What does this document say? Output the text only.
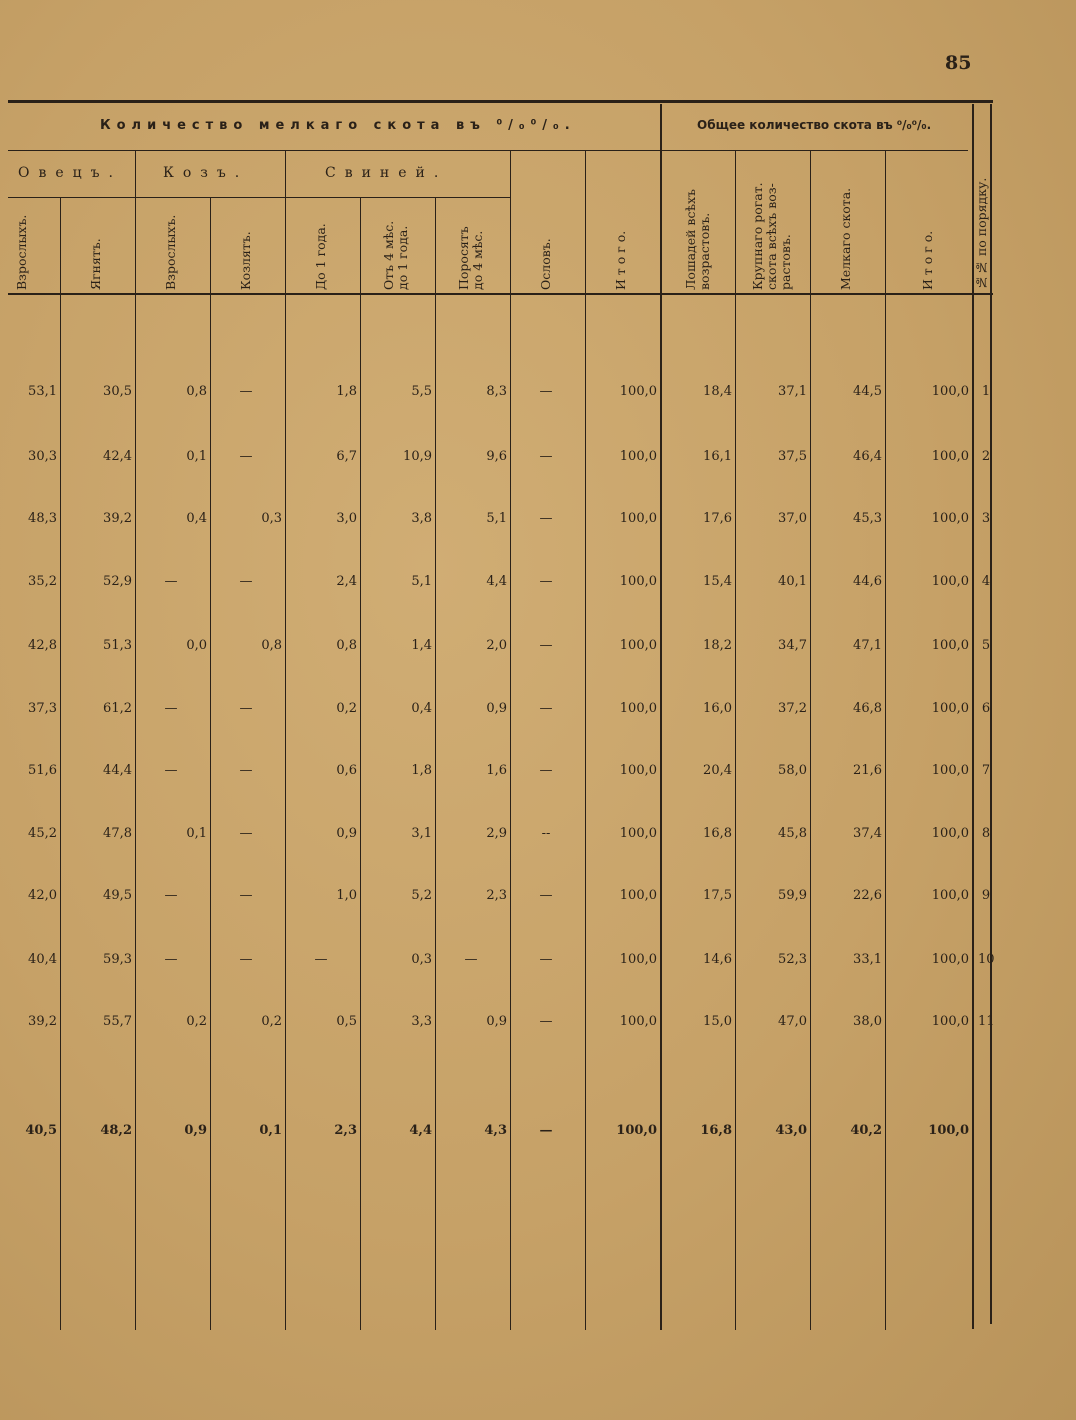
85
Количество мелкаго скота въ ⁰/₀⁰/₀.	Общее количество скота въ ⁰/₀⁰/₀.
Овецъ.	Козъ.	Свиней.
Взрослыхъ.	Ягнятъ.	Взрослыхъ.	Козлятъ.	До 1 года.	Отъ 4 мѣс.
до 1 года.	Поросятъ
до 4 мѣс.	Ословъ.	И т о г о.	Лошадей всѣхъ
возрастовъ.	Крупнаго рогат.
скота всѣхъ воз-
растовъ.	Мелкаго скота.	И т о г о.	№№ по порядку.
53,1	30,5	0,8	—	1,8	5,5	8,3	—	100,0	18,4	37,1	44,5	100,0 1
30,3	42,4	0,1	—	6,7	10,9	9,6	—	100,0	16,1	37,5	46,4	100,0 2
48,3	39,2	0,4	0,3	3,0	3,8	5,1	—	100,0	17,6	37,0	45,3	100,0 3
35,2	52,9	—	—	2,4	5,1	4,4	—	100,0	15,4	40,1	44,6	100,0 4
42,8	51,3	0,0	0,8	0,8	1,4	2,0	—	100,0	18,2	34,7	47,1	100,0 5
37,3	61,2	—	—	0,2	0,4	0,9	—	100,0	16,0	37,2	46,8	100,0 6
51,6	44,4	—	—	0,6	1,8	1,6	—	100,0	20,4	58,0	21,6	100,0 7
45,2	47,8	0,1	—	0,9	3,1	2,9	--	100,0	16,8	45,8	37,4	100,0 8
42,0	49,5	—	—	1,0	5,2	2,3	—	100,0	17,5	59,9	22,6	100,0 9
40,4	59,3	—	—	—	0,3	—	—	100,0	14,6	52,3	33,1	100,0 10
39,2	55,7	0,2	0,2	0,5	3,3	0,9	—	100,0	15,0	47,0	38,0	100,0 11
40,5	48,2	0,9	0,1	2,3	4,4	4,3	—	100,0	16,8	43,0	40,2	100,0
